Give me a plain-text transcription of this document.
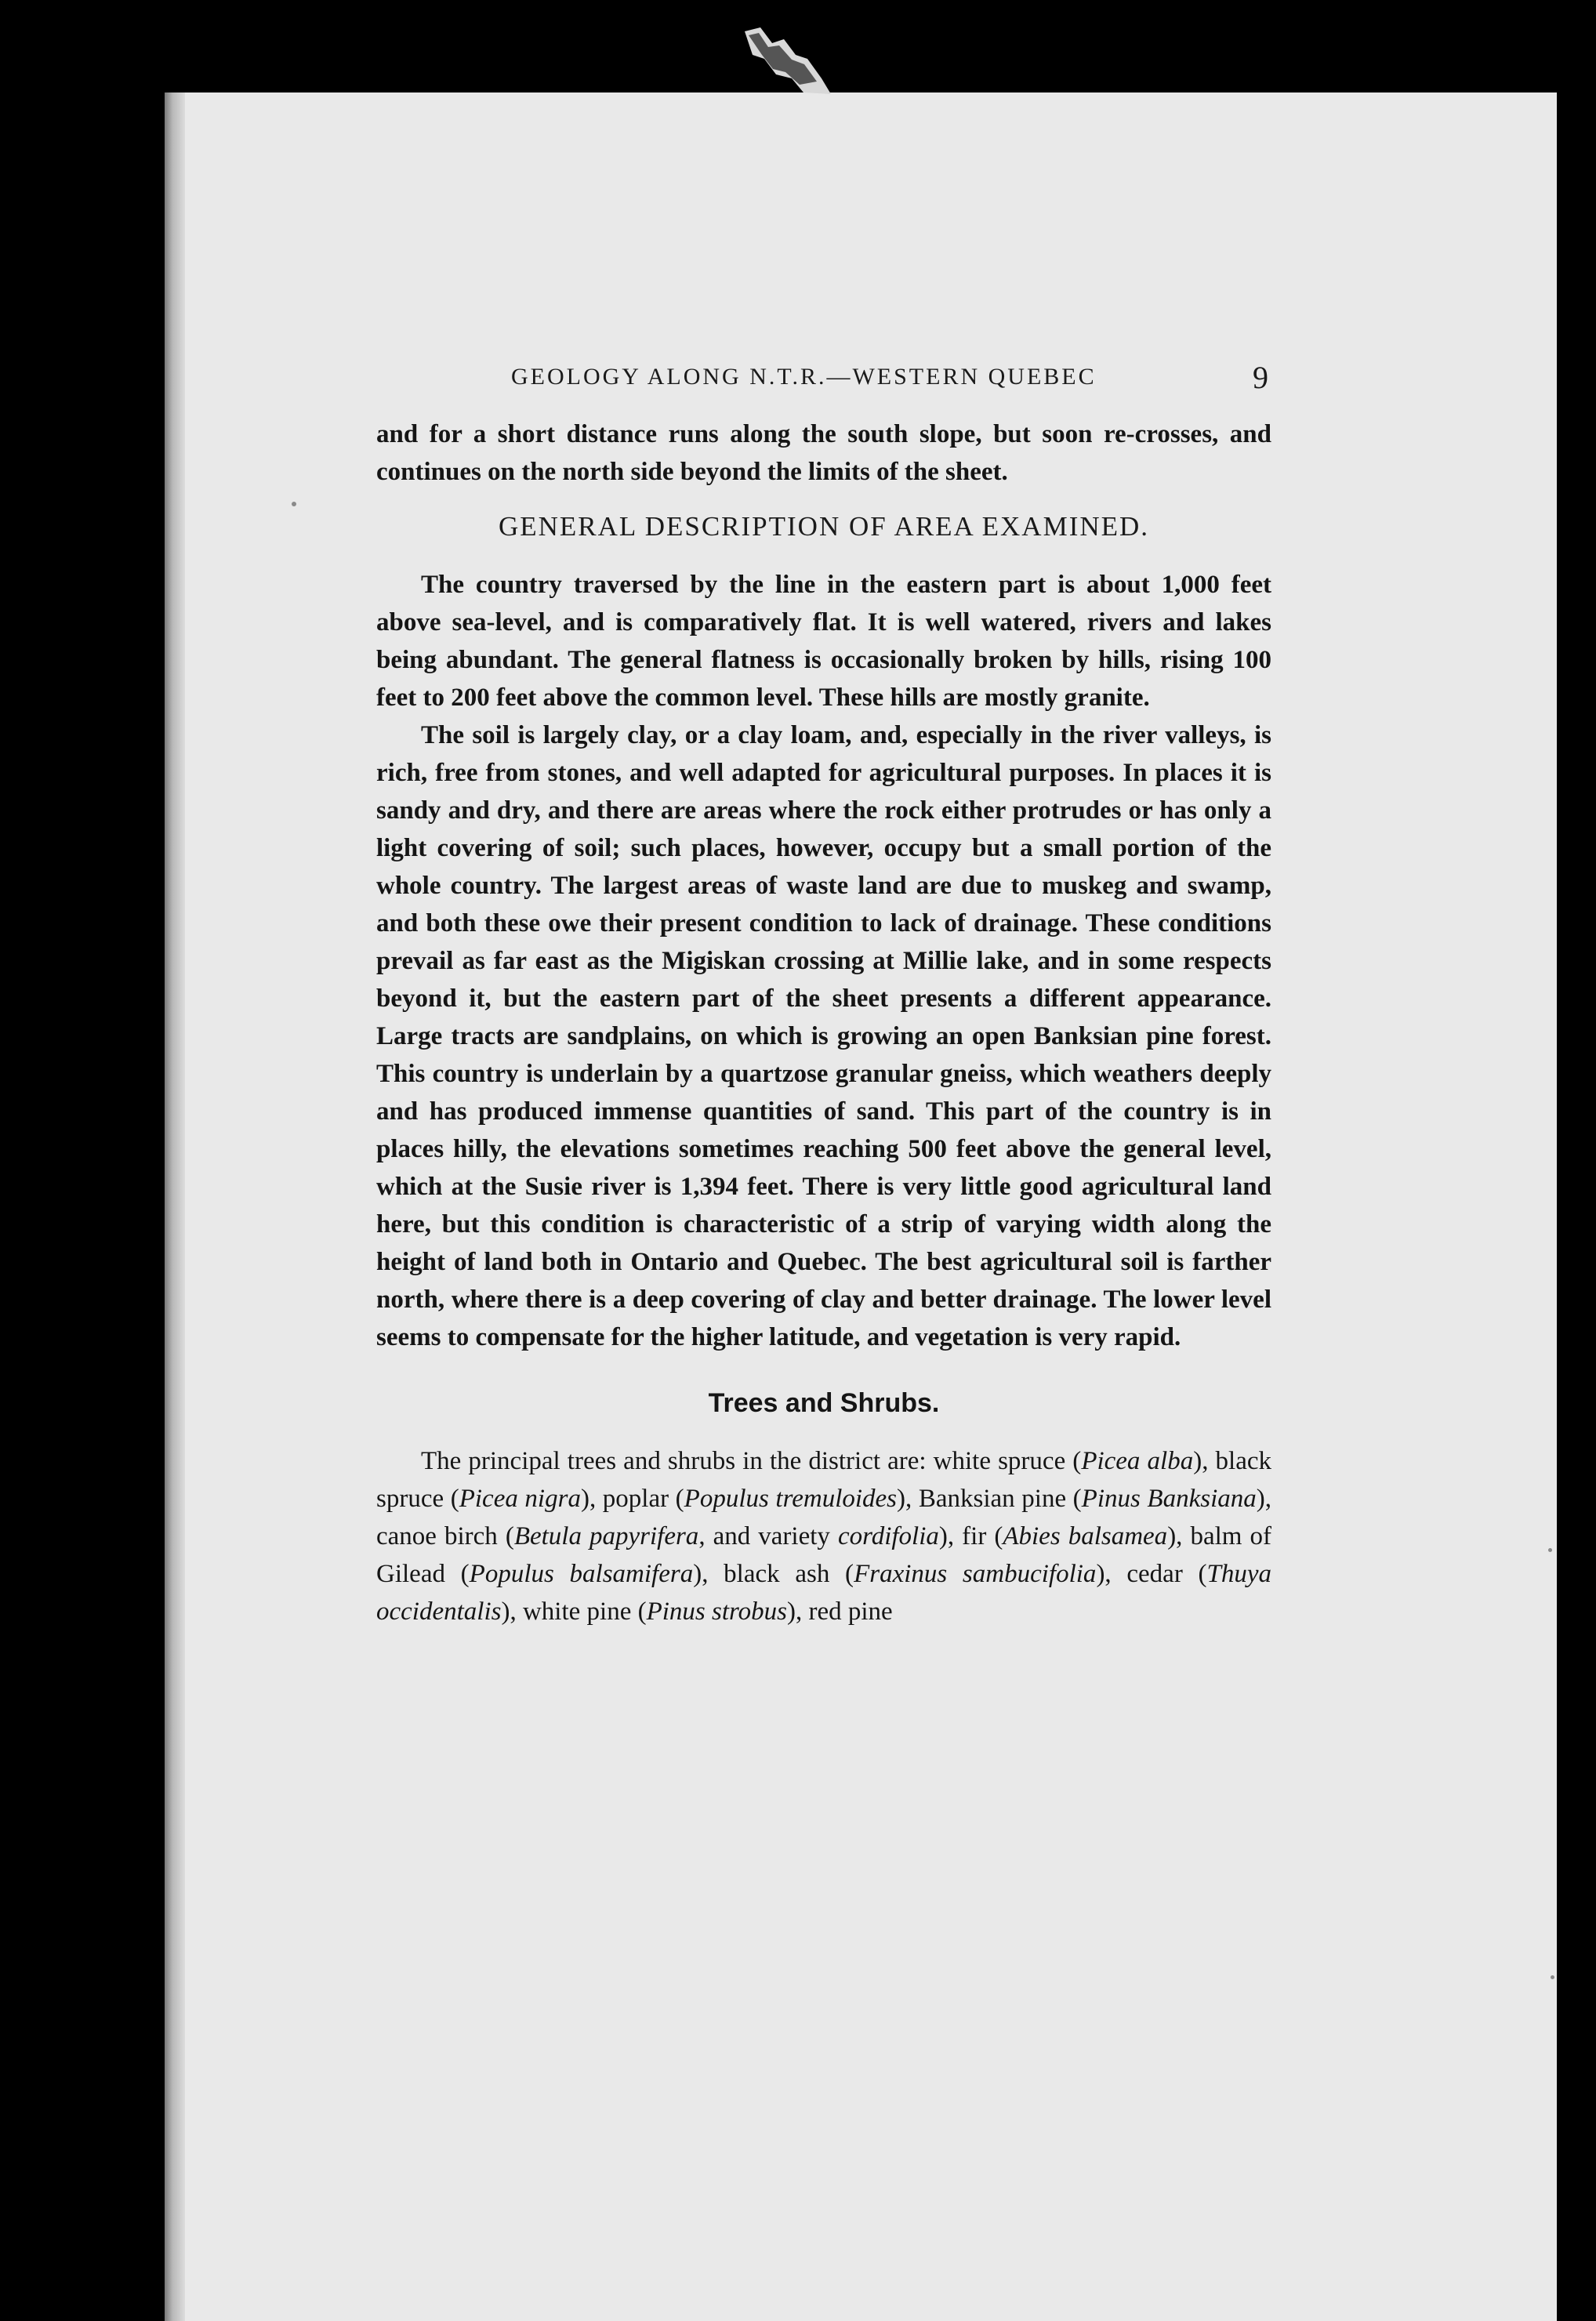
GEOLOGY ALONG N.T.R.—WESTERN QUEBEC	9

and for a short distance runs along the south slope, but soon re-crosses, and continues on the north side beyond the limits of the sheet.

GENERAL DESCRIPTION OF AREA EXAMINED.

The country traversed by the line in the eastern part is about 1,000 feet above sea-level, and is comparatively flat. It is well watered, rivers and lakes being abundant. The general flatness is occasionally broken by hills, rising 100 feet to 200 feet above the common level. These hills are mostly granite.

The soil is largely clay, or a clay loam, and, especially in the river valleys, is rich, free from stones, and well adapted for agricultural purposes. In places it is sandy and dry, and there are areas where the rock either protrudes or has only a light covering of soil; such places, however, occupy but a small portion of the whole country. The largest areas of waste land are due to muskeg and swamp, and both these owe their present condition to lack of drainage. These conditions prevail as far east as the Migiskan crossing at Millie lake, and in some respects beyond it, but the eastern part of the sheet presents a different appearance. Large tracts are sandplains, on which is growing an open Banksian pine forest. This country is underlain by a quartzose granular gneiss, which weathers deeply and has produced immense quantities of sand. This part of the country is in places hilly, the elevations sometimes reaching 500 feet above the general level, which at the Susie river is 1,394 feet. There is very little good agricultural land here, but this condition is characteristic of a strip of varying width along the height of land both in Ontario and Quebec. The best agricultural soil is farther north, where there is a deep covering of clay and better drainage. The lower level seems to compensate for the higher latitude, and vegetation is very rapid.

Trees and Shrubs.

The principal trees and shrubs in the district are: white spruce (Picea alba), black spruce (Picea nigra), poplar (Populus tremuloides), Banksian pine (Pinus Banksiana), canoe birch (Betula papyrifera, and variety cordifolia), fir (Abies balsamea), balm of Gilead (Populus balsamifera), black ash (Fraxinus sambucifolia), cedar (Thuya occidentalis), white pine (Pinus strobus), red pine
